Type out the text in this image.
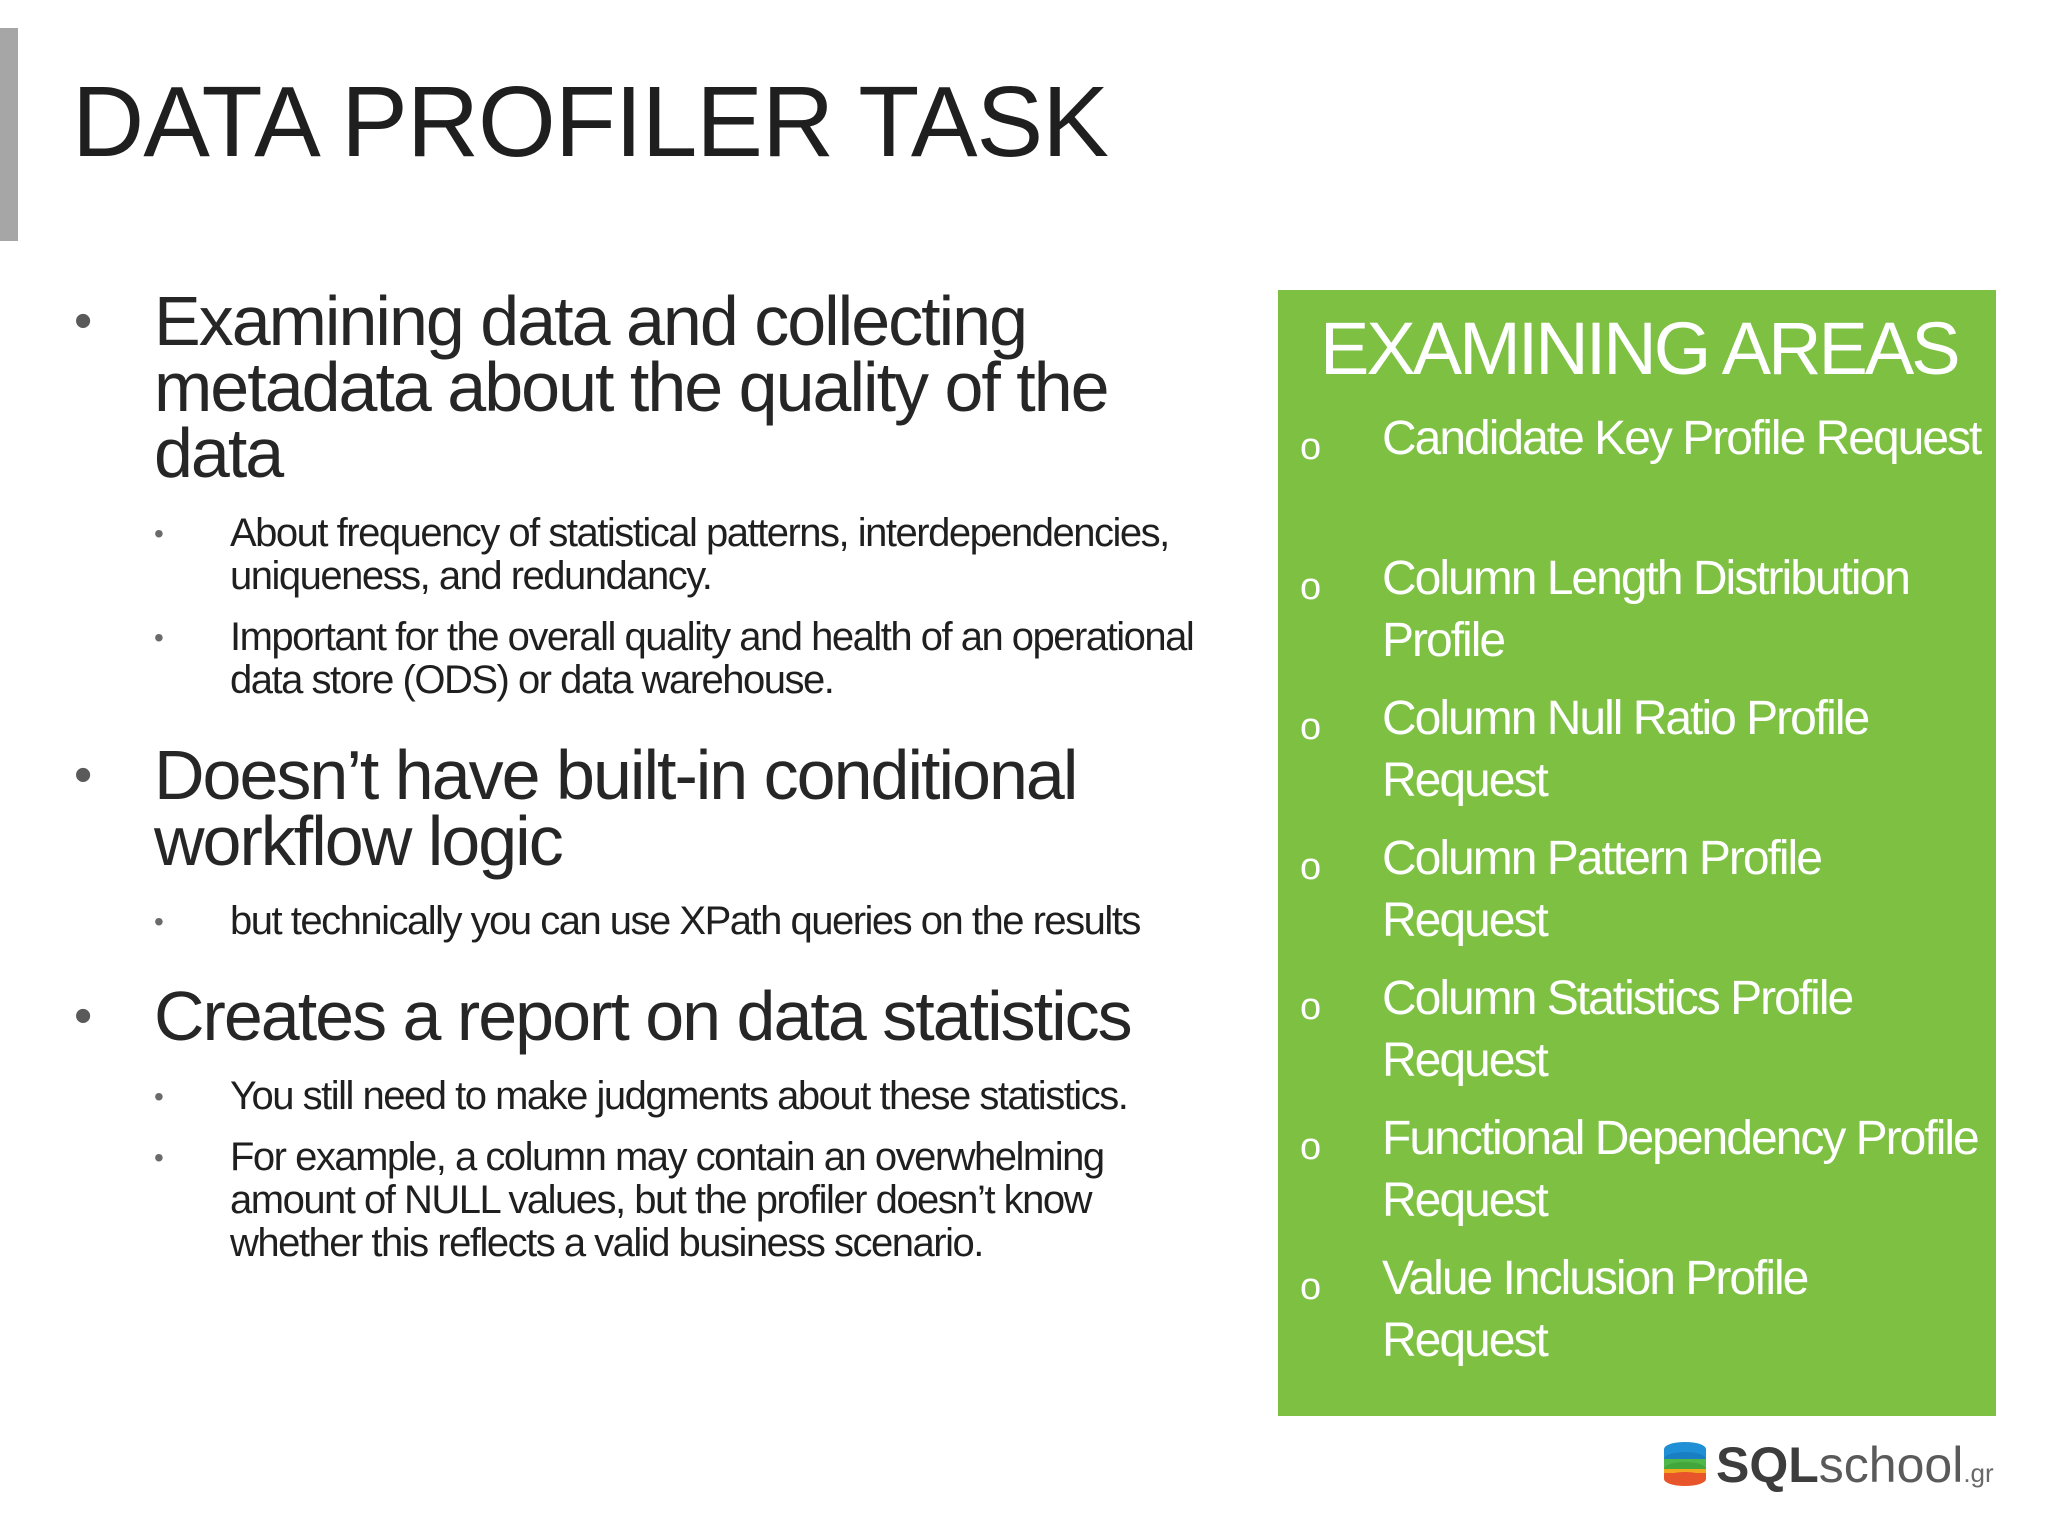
DATA PROFILER TASK
• Examining data and collecting metadata about the quality of the data
• About frequency of statistical patterns, interdependencies, uniqueness, and redundancy.
• Important for the overall quality and health of an operational data store (ODS) or data warehouse.
• Doesn’t have built-in conditional workflow logic
• but technically you can use XPath queries on the results
• Creates a report on data statistics
• You still need to make judgments about these statistics.
• For example, a column may contain an overwhelming amount of NULL values, but the profiler doesn’t know whether this reflects a valid business scenario.
EXAMINING AREAS
o Candidate Key Profile Request
o Column Length Distribution Profile
o Column Null Ratio Profile Request
o Column Pattern Profile Request
o Column Statistics Profile Request
o Functional Dependency Profile Request
o Value Inclusion Profile Request
SQLschool.gr
